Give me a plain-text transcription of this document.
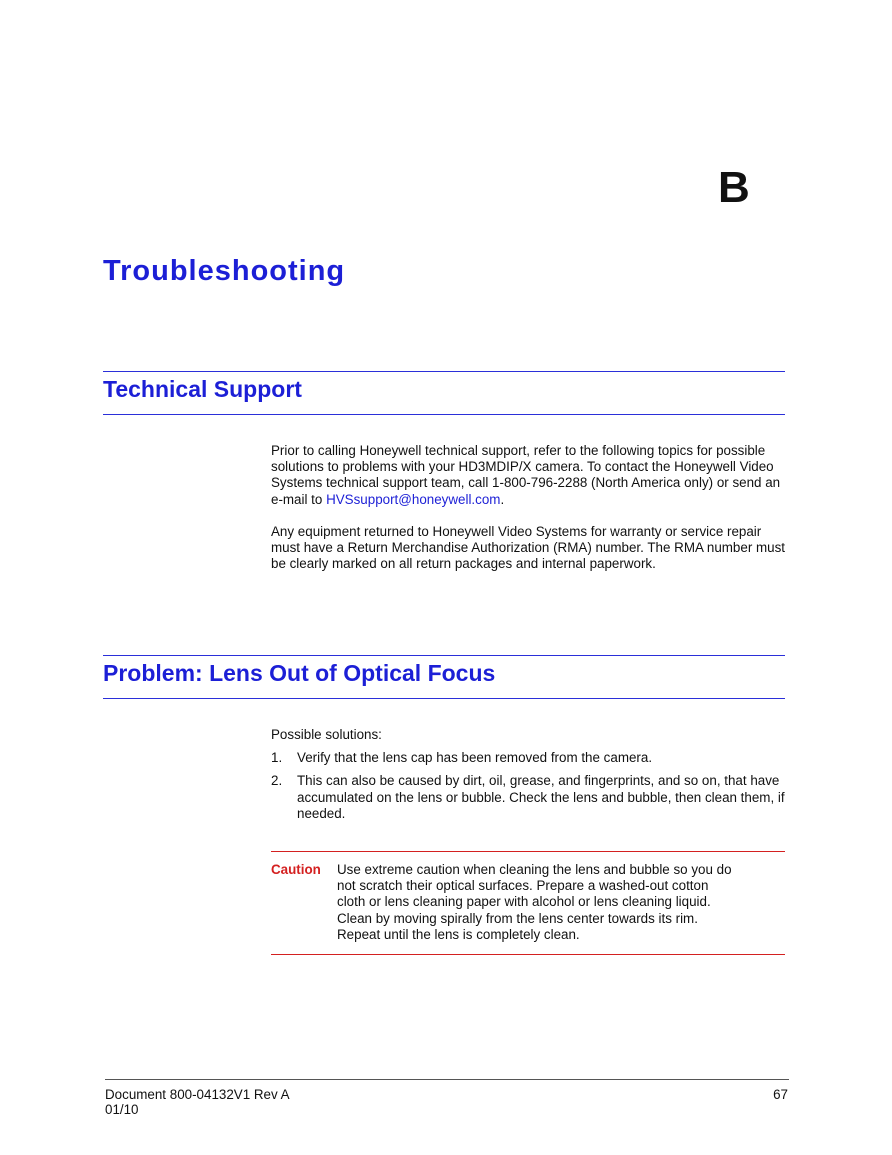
B
Troubleshooting
Technical Support

Prior to calling Honeywell technical support, refer to the following topics for possible solutions to problems with your HD3MDIP/X camera. To contact the Honeywell Video Systems technical support team, call 1-800-796-2288 (North America only) or send an e-mail to HVSsupport@honeywell.com.

Any equipment returned to Honeywell Video Systems for warranty or service repair must have a Return Merchandise Authorization (RMA) number. The RMA number must be clearly marked on all return packages and internal paperwork.

Problem: Lens Out of Optical Focus

Possible solutions:

1. Verify that the lens cap has been removed from the camera.
2. This can also be caused by dirt, oil, grease, and fingerprints, and so on, that have accumulated on the lens or bubble. Check the lens and bubble, then clean them, if needed.
Caution Use extreme caution when cleaning the lens and bubble so you do not scratch their optical surfaces. Prepare a washed-out cotton cloth or lens cleaning paper with alcohol or lens cleaning liquid. Clean by moving spirally from the lens center towards its rim. Repeat until the lens is completely clean.
Document 800-04132V1 Rev A
01/10
67
